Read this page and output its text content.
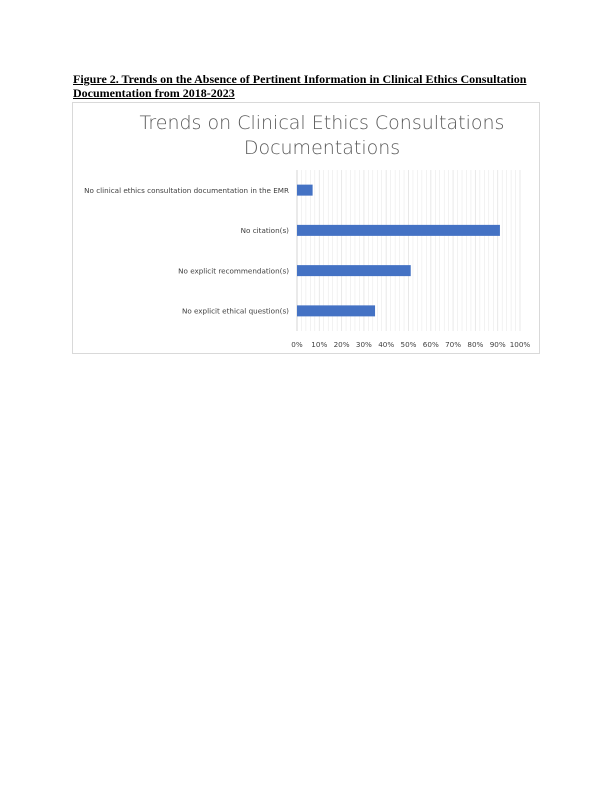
Figure 2. Trends on the Absence of Pertinent Information in Clinical Ethics Consultation
Documentation from 2018-2023
No clinical ethics consultation documentation in the EMR
No citation(s)
No explicit recommendation(s)
No explicit ethical question(s)
0% 10% 20% 30% 40% 50% 60% 70% 80% 90% 100%
Trends on Clinical Ethics Consultations
Documentations
